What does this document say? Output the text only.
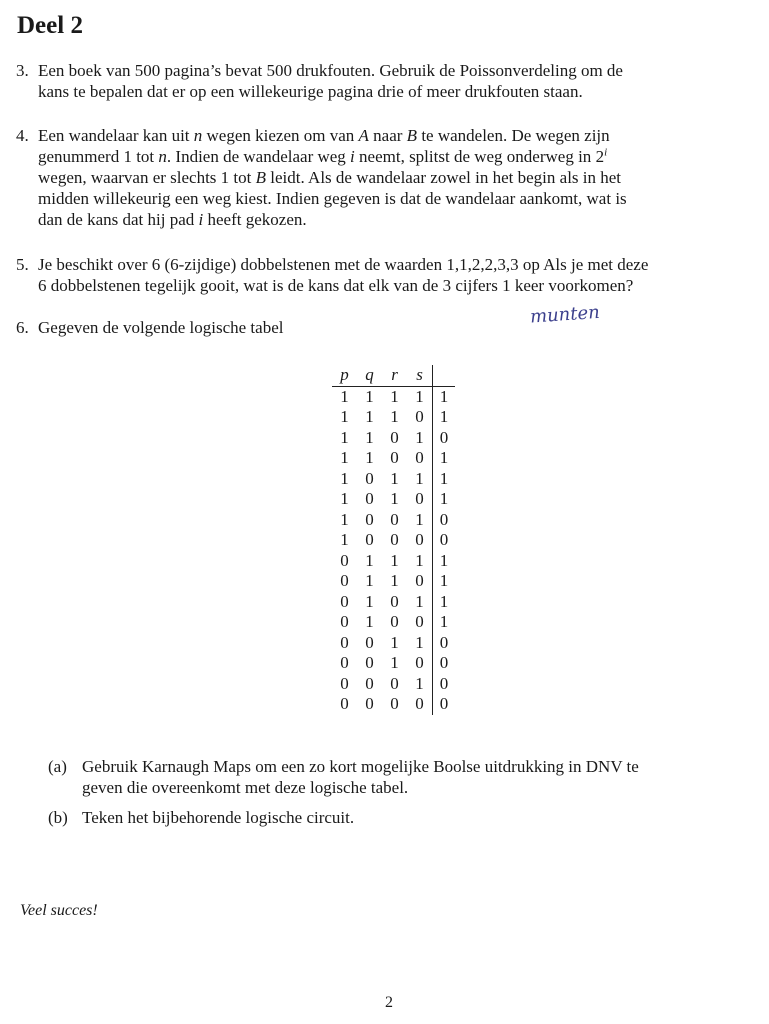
Deel 2
3. Een boek van 500 pagina’s bevat 500 drukfouten. Gebruik de Poissonverdeling om de
kans te bepalen dat er op een willekeurige pagina drie of meer drukfouten staan.
4. Een wandelaar kan uit n wegen kiezen om van A naar B te wandelen. De wegen zijn
genummerd 1 tot n. Indien de wandelaar weg i neemt, splitst de weg onderweg in 2$^i$
wegen, waarvan er slechts 1 tot B leidt. Als de wandelaar zowel in het begin als in het
midden willekeurig een weg kiest. Indien gegeven is dat de wandelaar aankomt, wat is
dan de kans dat hij pad i heeft gekozen.
5. Je beschikt over 6 (6-zijdige) dobbelstenen met de waarden 1,1,2,2,3,3 op Als je met deze
6 dobbelstenen tegelijk gooit, wat is de kans dat elk van de 3 cijfers 1 keer voorkomen?
6. Gegeven de volgende logische tabel	munten
p	q	r	s	
1	1	1	1	1
1	1	1	0	1
1	1	0	1	0
1	1	0	0	1
1	0	1	1	1
1	0	1	0	1
1	0	0	1	0
1	0	0	0	0
0	1	1	1	1
0	1	1	0	1
0	1	0	1	1
0	1	0	0	1
0	0	1	1	0
0	0	1	0	0
0	0	0	1	0
0	0	0	0	0
(a) Gebruik Karnaugh Maps om een zo kort mogelijke Boolse uitdrukking in DNV te
geven die overeenkomt met deze logische tabel.
(b) Teken het bijbehorende logische circuit.
Veel succes!
2
